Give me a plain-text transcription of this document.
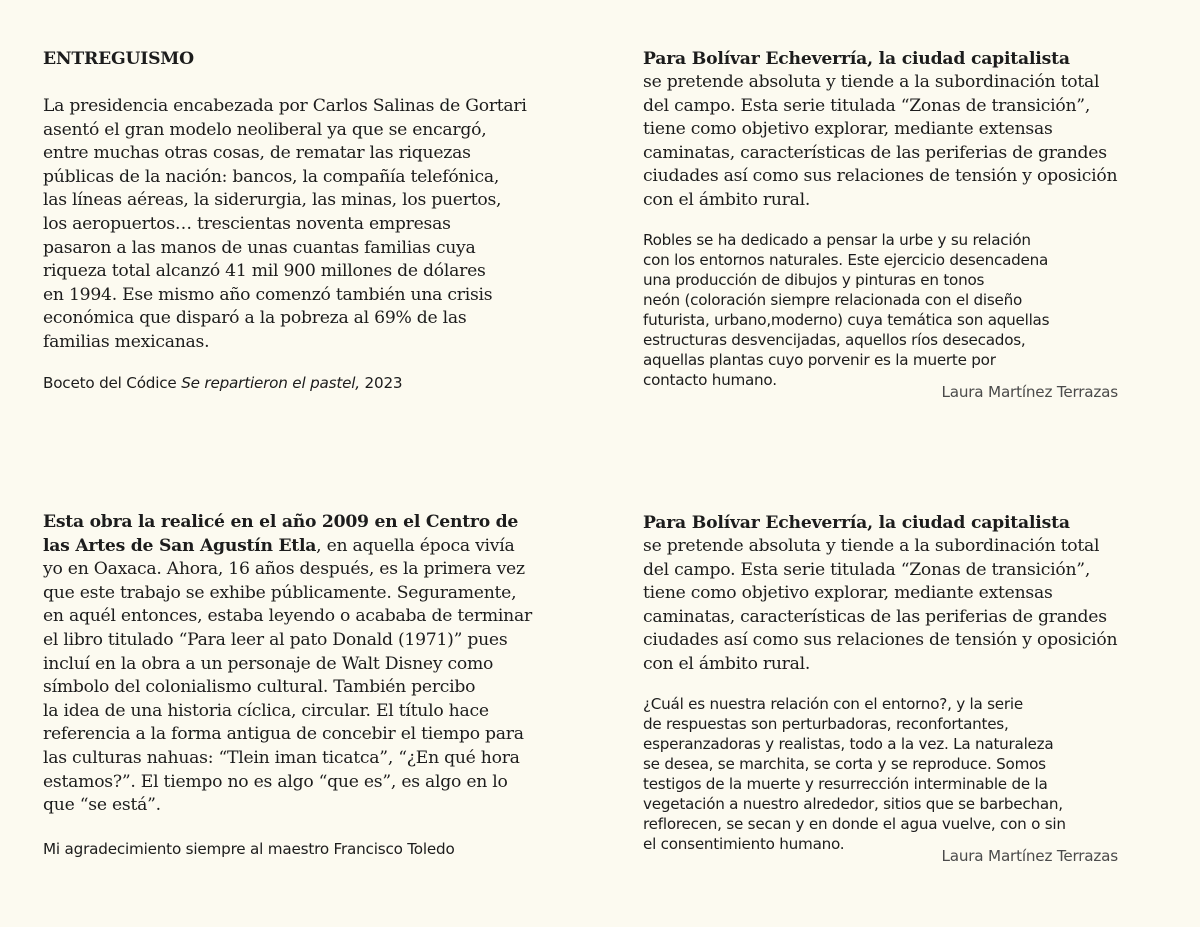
ENTREGUISMO

La presidencia encabezada por Carlos Salinas de Gortari
asentó el gran modelo neoliberal ya que se encargó,
entre muchas otras cosas, de rematar las riquezas
públicas de la nación: bancos, la compañía telefónica,
las líneas aéreas, la siderurgia, las minas, los puertos,
los aeropuertos… trescientas noventa empresas
pasaron a las manos de unas cuantas familias cuya
riqueza total alcanzó 41 mil 900 millones de dólares
en 1994. Ese mismo año comenzó también una crisis
económica que disparó a la pobreza al 69% de las
familias mexicanas.

Boceto del Códice Se repartieron el pastel, 2023

Para Bolívar Echeverría, la ciudad capitalista

se pretende absoluta y tiende a la subordinación total
del campo. Esta serie titulada “Zonas de transición”,
tiene como objetivo explorar, mediante extensas
caminatas, características de las periferias de grandes
ciudades así como sus relaciones de tensión y oposición
con el ámbito rural.

Robles se ha dedicado a pensar la urbe y su relación
con los entornos naturales. Este ejercicio desencadena
una producción de dibujos y pinturas en tonos
neón (coloración siempre relacionada con el diseño
futurista, urbano,moderno) cuya temática son aquellas
estructuras desvencijadas, aquellos ríos desecados,
aquellas plantas cuyo porvenir es la muerte por
contacto humano.

Laura Martínez Terrazas

Esta obra la realicé en el año 2009 en el Centro de
las Artes de San Agustín Etla, en aquella época vivía
yo en Oaxaca. Ahora, 16 años después, es la primera vez
que este trabajo se exhibe públicamente. Seguramente,
en aquél entonces, estaba leyendo o acababa de terminar
el libro titulado “Para leer al pato Donald (1971)” pues
incluí en la obra a un personaje de Walt Disney como
símbolo del colonialismo cultural. También percibo
la idea de una historia cíclica, circular. El título hace
referencia a la forma antigua de concebir el tiempo para
las culturas nahuas: “Tlein iman ticatca”, “¿En qué hora
estamos?”. El tiempo no es algo “que es”, es algo en lo
que “se está”.

Mi agradecimiento siempre al maestro Francisco Toledo

Para Bolívar Echeverría, la ciudad capitalista

se pretende absoluta y tiende a la subordinación total
del campo. Esta serie titulada “Zonas de transición”,
tiene como objetivo explorar, mediante extensas
caminatas, características de las periferias de grandes
ciudades así como sus relaciones de tensión y oposición
con el ámbito rural.

¿Cuál es nuestra relación con el entorno?, y la serie
de respuestas son perturbadoras, reconfortantes,
esperanzadoras y realistas, todo a la vez. La naturaleza
se desea, se marchita, se corta y se reproduce. Somos
testigos de la muerte y resurrección interminable de la
vegetación a nuestro alrededor, sitios que se barbechan,
reflorecen, se secan y en donde el agua vuelve, con o sin
el consentimiento humano.

Laura Martínez Terrazas
